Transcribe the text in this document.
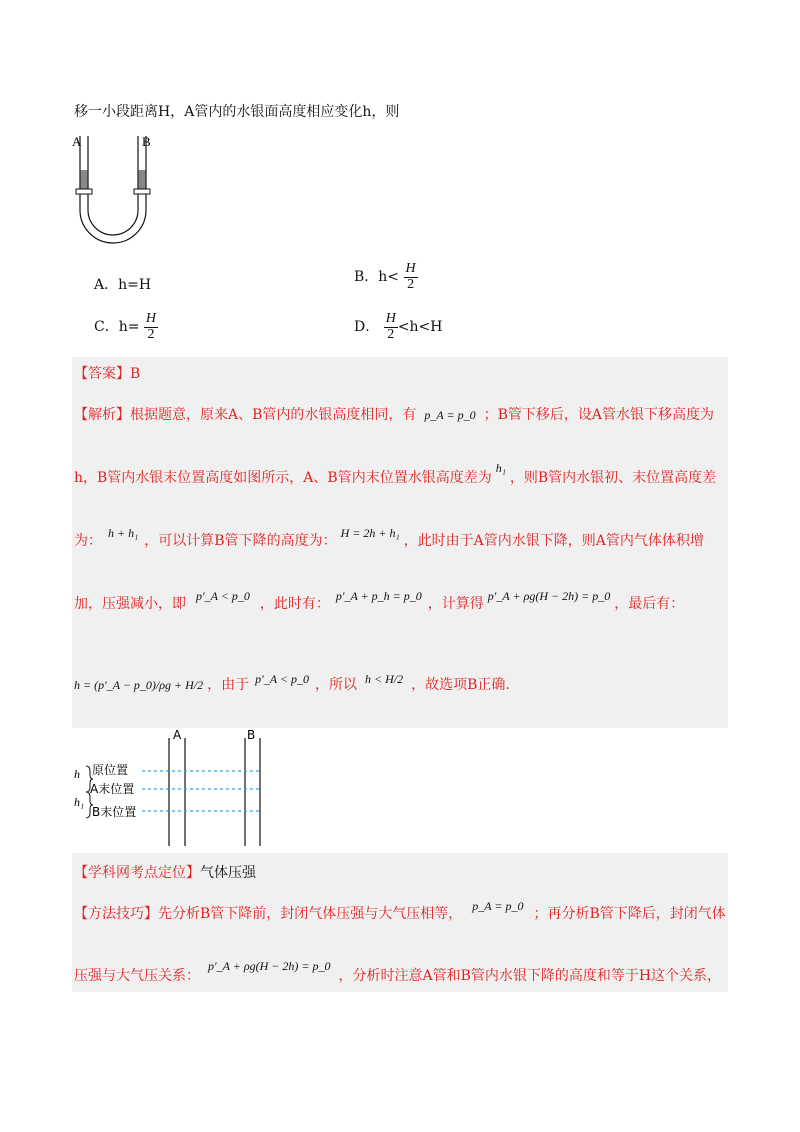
移一小段距离H，A管内的水银面高度相应变化h，则
A	B
A．h=H	B．$h< \frac{H}{2}$
C．$h= \frac{H}{2}$	D． $\frac{H}{2} <h<H$
【答案】B
【解析】根据题意，原来A、B管内的水银高度相同，有 p_A = p_0 ；B管下移后，设A管水银下移高度为
h，B管内水银末位置高度如图所示，A、B管内末位置水银高度差为h₁，则B管内水银初、末位置高度差
为： h + h₁ ，可以计算B管下降的高度为： H = 2h + h₁ ，此时由于A管内水银下降，则A管内气体体积增
加，压强减小，即 p′_A < p_0 ，此时有： p′_A + p_h = p_0 ，计算得 p′_A + ρg(H − 2h) = p_0 ，最后有：
h = (p′_A − p_0)/ρg + H/2 ，由于 p′_A < p_0 ，所以 h < H/2 ，故选项B正确.
A	B
h
h₁
原位置
A末位置
B末位置
【学科网考点定位】气体压强
【方法技巧】先分析B管下降前，封闭气体压强与大气压相等， p_A = p_0 ；再分析B管下降后，封闭气体
压强与大气压关系：p′_A + ρg(H − 2h) = p_0，分析时注意A管和B管内水银下降的高度和等于H这个关系，
